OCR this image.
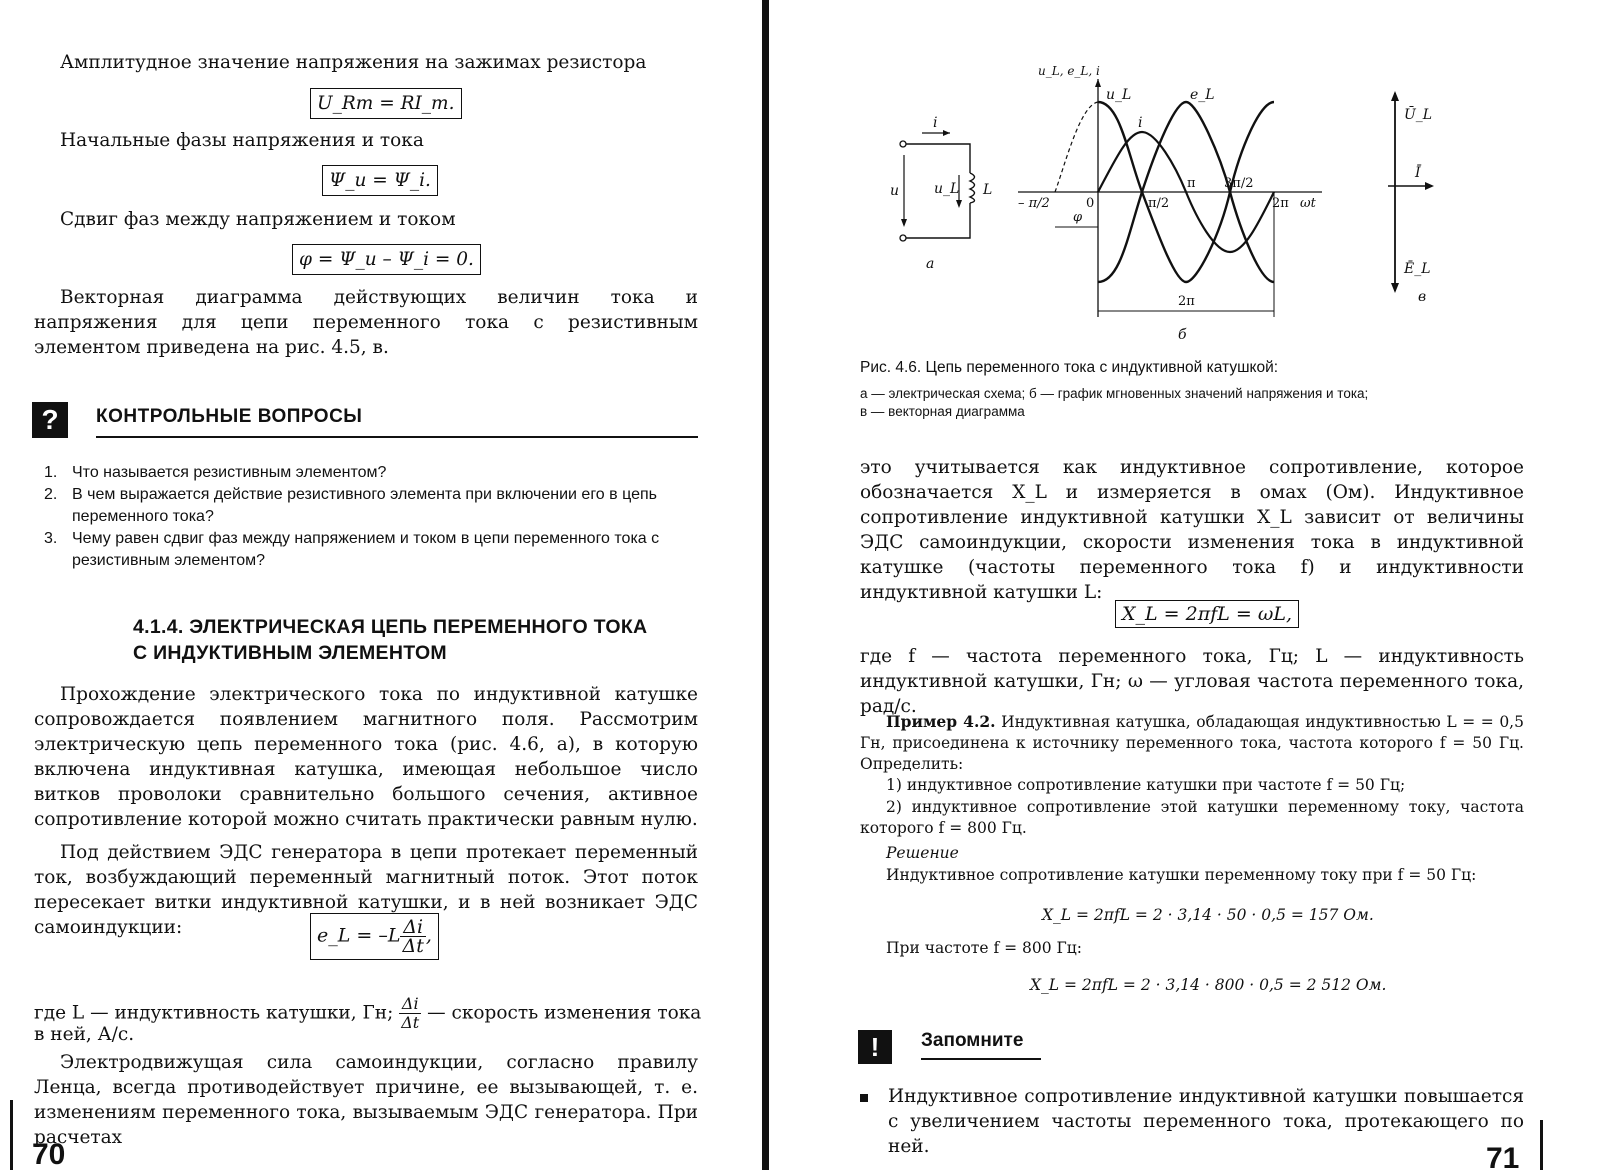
Амплитудное значение напряжения на зажимах резистора
U_Rm = RI_m.
Начальные фазы напряжения и тока
Ψ_u = Ψ_i.
Сдвиг фаз между напряжением и током
φ = Ψ_u – Ψ_i = 0.
Векторная диаграмма действующих величин тока и напряжения для цепи переменного тока с резистивным элементом приведена на рис. 4.5, в.
?	КОНТРОЛЬНЫЕ ВОПРОСЫ
1. Что называется резистивным элементом?
2. В чем выражается действие резистивного элемента при включении его в цепь переменного тока?
3. Чему равен сдвиг фаз между напряжением и током в цепи переменного тока с резистивным элементом?
4.1.4. ЭЛЕКТРИЧЕСКАЯ ЦЕПЬ ПЕРЕМЕННОГО ТОКА
С ИНДУКТИВНЫМ ЭЛЕМЕНТОМ
Прохождение электрического тока по индуктивной катушке сопровождается появлением магнитного поля. Рассмотрим электрическую цепь переменного тока (рис. 4.6, а), в которую включена индуктивная катушка, имеющая небольшое число витков проволоки сравнительно большого сечения, активное сопротивление которой можно считать практически равным нулю.
Под действием ЭДС генератора в цепи протекает переменный ток, возбуждающий переменный магнитный поток. Этот поток пересекает витки индуктивной катушки, и в ней возникает ЭДС самоиндукции:	e_L = $-L \frac{\Delta i}{\Delta t}$ ,
где L — индуктивность катушки, Гн; $\frac{\Delta i}{\Delta t}$ — скорость изменения тока
в ней, А/с.
Электродвижущая сила самоиндукции, согласно правилу Ленца, всегда противодействует причине, ее вызывающей, т. е. изменениям переменного тока, вызываемым ЭДС генератора. При расчетах
70
i
u u_L L
а
u_L, e_L, i
u_L	e_L
i
– π/2	0
φ
π/2
π 3π/2
2π ωt
2π
б
Ū_L
Ī
Ē_L
в
Рис. 4.6. Цепь переменного тока с индуктивной катушкой:
а — электрическая схема; б — график мгновенных значений напряжения и тока;
в — векторная диаграмма
это учитывается как индуктивное сопротивление, которое обозначается X_L и измеряется в омах (Ом). Индуктивное сопротивление индуктивной катушки X_L зависит от величины ЭДС самоиндукции, скорости изменения тока в индуктивной катушке (частоты переменного тока f) и индуктивности индуктивной катушки L:
X_L = 2πfL = ωL,
где f — частота переменного тока, Гц; L — индуктивность индуктивной катушки, Гн; ω — угловая частота переменного тока, рад/с.
Пример 4.2. Индуктивная катушка, обладающая индуктивностью L = = 0,5 Гн, присоединена к источнику переменного тока, частота которого f = 50 Гц. Определить:
1) индуктивное сопротивление катушки при частоте f = 50 Гц;
2) индуктивное сопротивление этой катушки переменному току, частота которого f = 800 Гц.
Решение
Индуктивное сопротивление катушки переменному току при f = 50 Гц:
X_L = 2πfL = 2 · 3,14 · 50 · 0,5 = 157 Ом.
При частоте f = 800 Гц:
X_L = 2πfL = 2 · 3,14 · 800 · 0,5 = 2 512 Ом.
!	Запомните
Индуктивное сопротивление индуктивной катушки повышается с увеличением частоты переменного тока, протекающего по ней.	71
